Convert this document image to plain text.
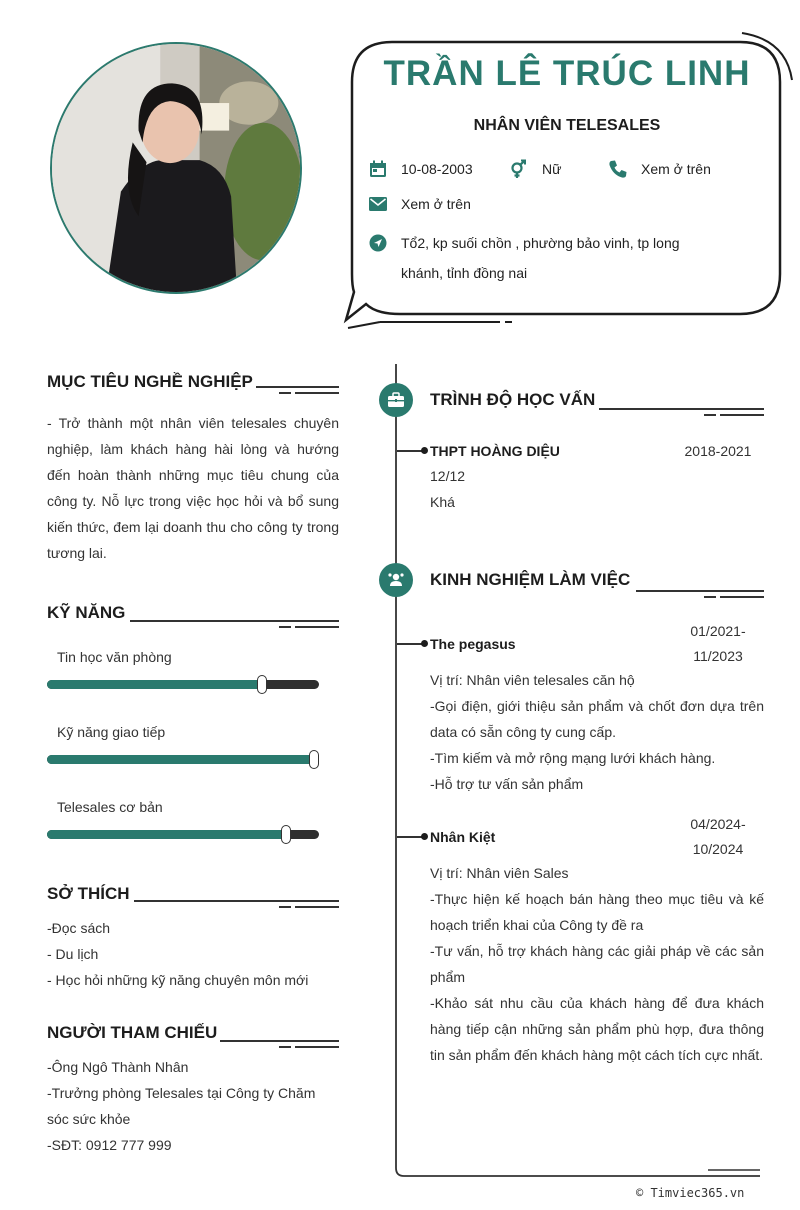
TRẦN LÊ TRÚC LINH
NHÂN VIÊN TELESALES
10-08-2003	Nữ	Xem ở trên
Xem ở trên
Tổ2, kp suối chồn , phường bảo vinh, tp long khánh, tỉnh đồng nai
MỤC TIÊU NGHỀ NGHIỆP
- Trở thành một nhân viên telesales chuyên nghiệp, làm khách hàng hài lòng và hướng đến hoàn thành những mục tiêu chung của công ty. Nỗ lực trong việc học hỏi và bổ sung kiến thức, đem lại doanh thu cho công ty trong tương lai.
KỸ NĂNG
Tin học văn phòng
Kỹ năng giao tiếp
Telesales cơ bản
SỞ THÍCH
-Đọc sách
- Du lịch
- Học hỏi những kỹ năng chuyên môn mới
NGƯỜI THAM CHIẾU
-Ông Ngô Thành Nhân
-Trưởng phòng Telesales tại Công ty Chăm sóc sức khỏe
-SĐT: 0912 777 999
TRÌNH ĐỘ HỌC VẤN
THPT HOÀNG DIỆU	2018-2021
12/12
Khá
KINH NGHIỆM LÀM VIỆC
The pegasus
01/2021-
11/2023
Vị trí: Nhân viên telesales căn hộ
-Gọi điện, giới thiệu sản phẩm và chốt đơn dựa trên data có sẵn công ty cung cấp.
-Tìm kiếm và mở rộng mạng lưới khách hàng.
-Hỗ trợ tư vấn sản phẩm
Nhân Kiệt
04/2024-
10/2024
Vị trí: Nhân viên Sales
-Thực hiện kế hoạch bán hàng theo mục tiêu và kế hoạch triển khai của Công ty đề ra
-Tư vấn, hỗ trợ khách hàng các giải pháp về các sản phẩm
-Khảo sát nhu cầu của khách hàng để đưa khách hàng tiếp cận những sản phẩm phù hợp, đưa thông tin sản phẩm đến khách hàng một cách tích cực nhất.
© Timviec365.vn
